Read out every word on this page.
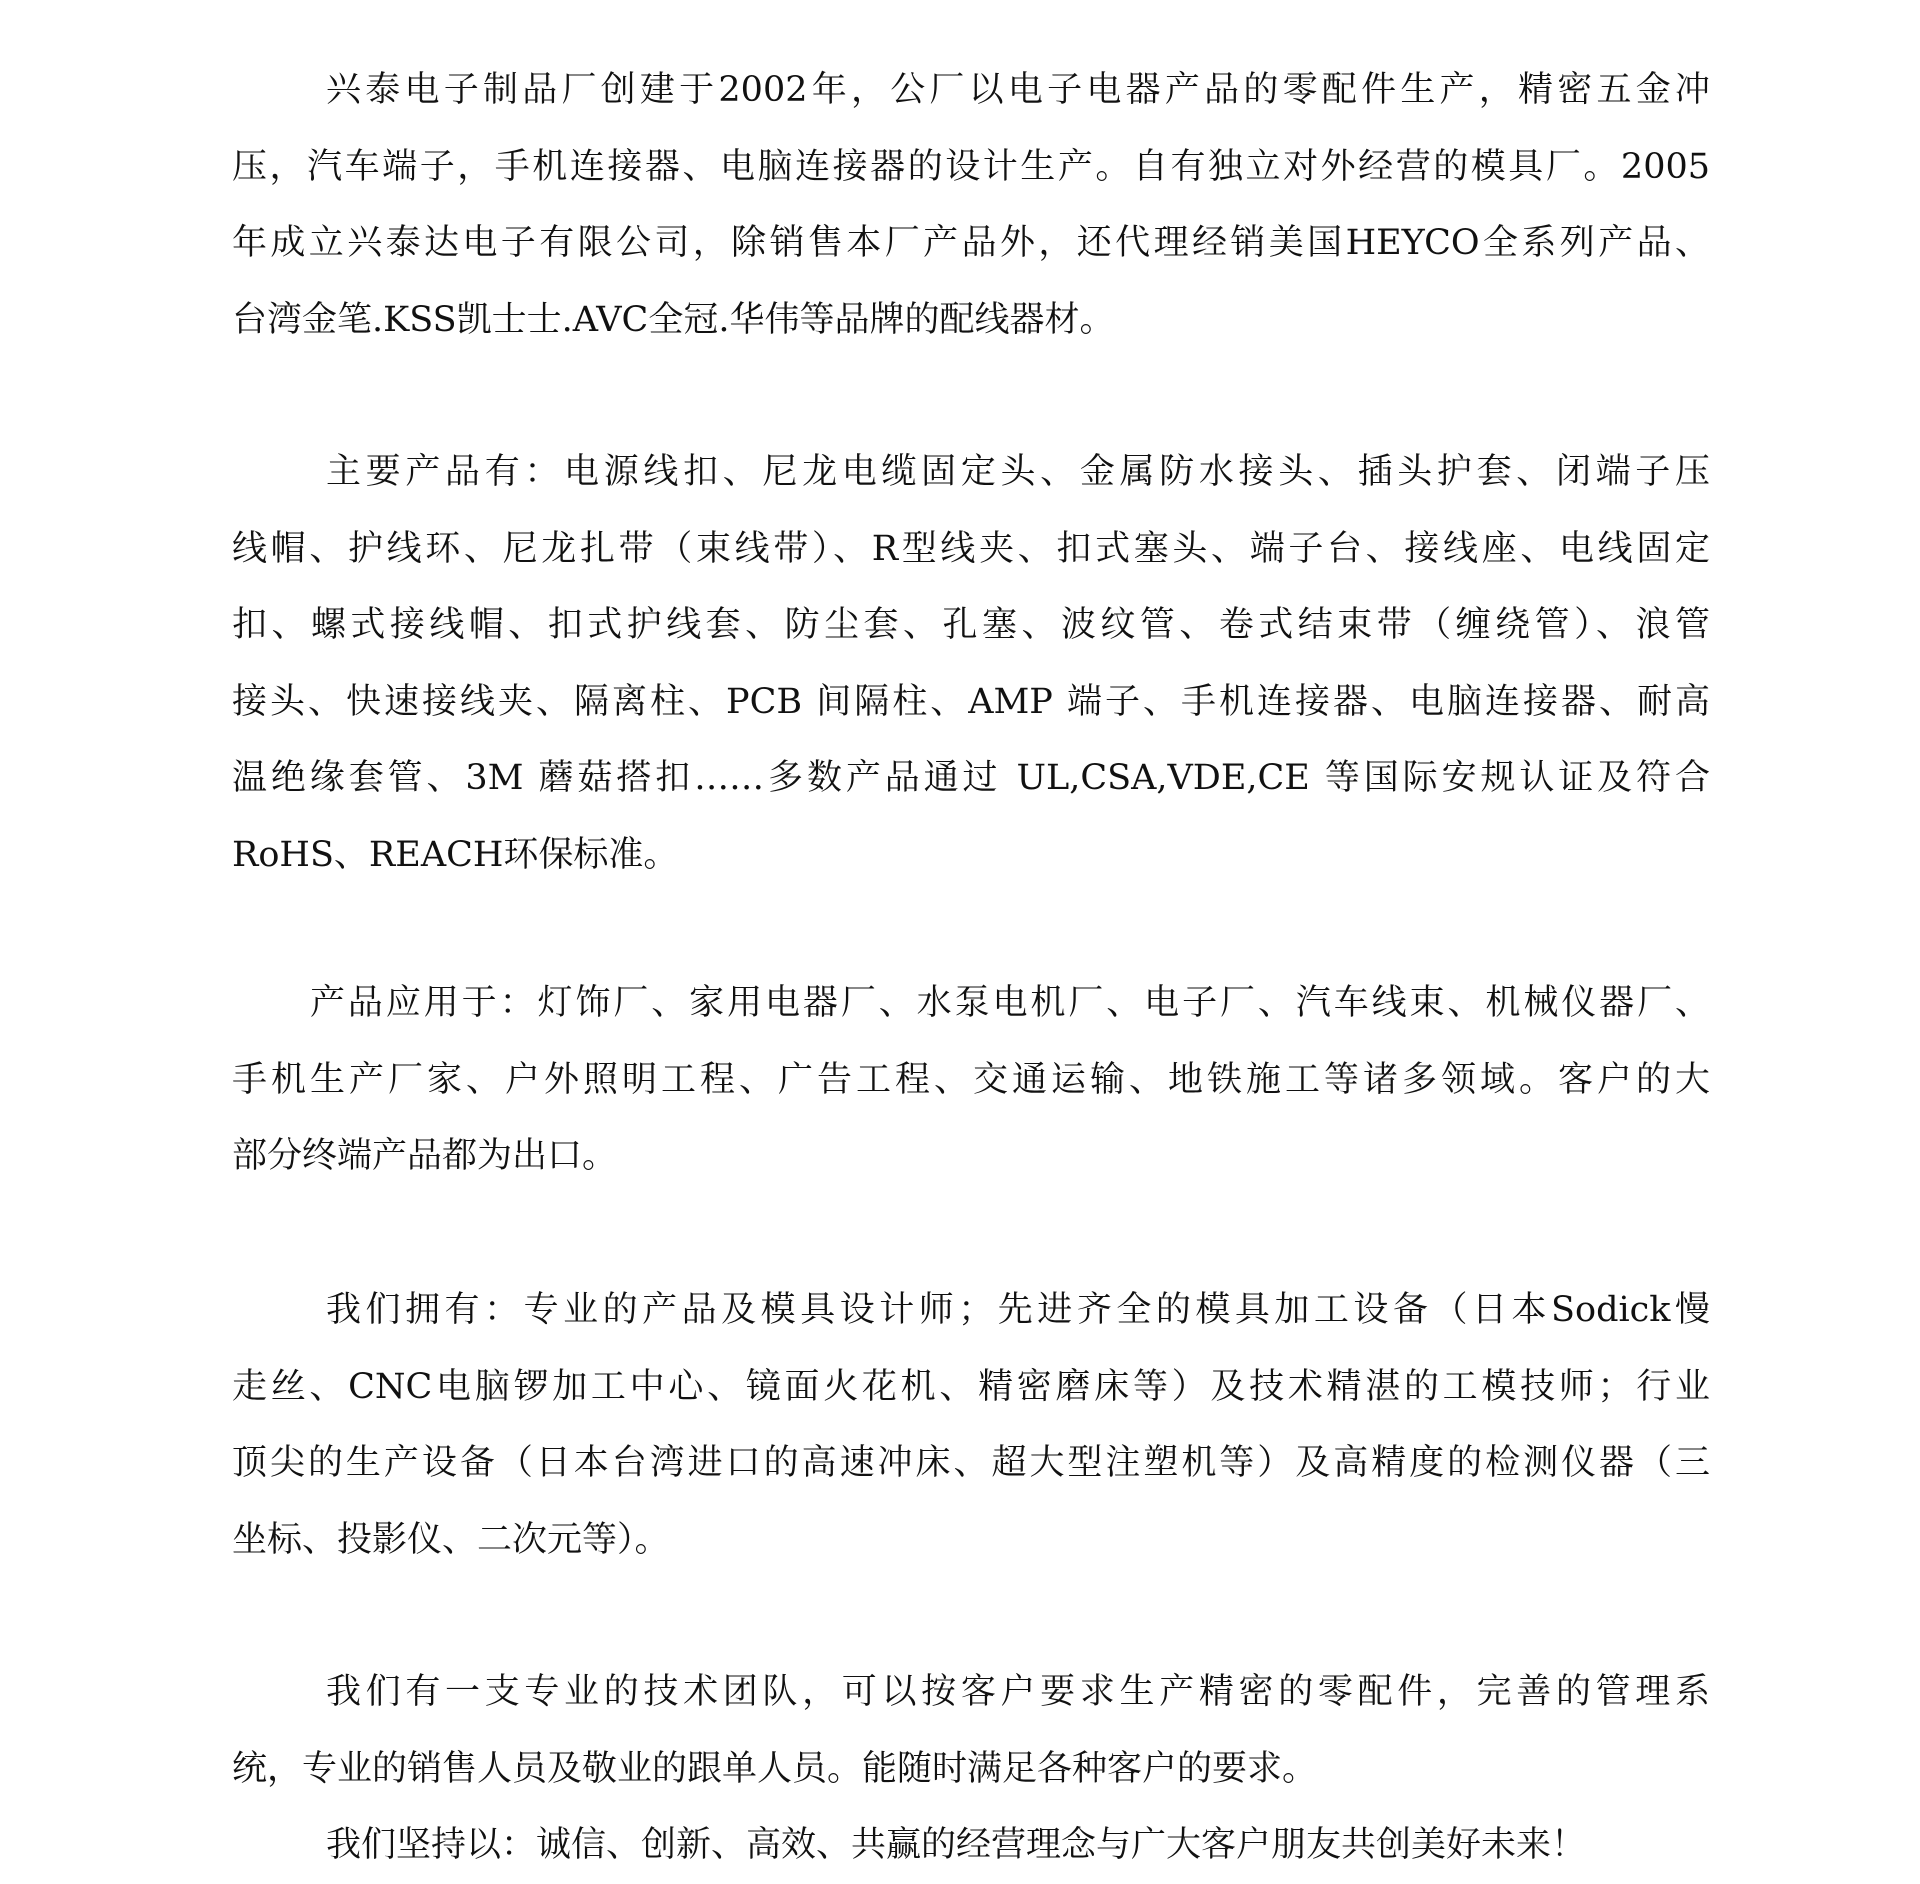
兴泰电子制品厂创建于2002年，公厂以电子电器产品的零配件生产，精密五金冲
压，汽车端子，手机连接器、电脑连接器的设计生产。自有独立对外经营的模具厂。2005
年成立兴泰达电子有限公司，除销售本厂产品外，还代理经销美国HEYCO全系列产品、
台湾金笔.KSS凯士士.AVC全冠.华伟等品牌的配线器材。
主要产品有：电源线扣、尼龙电缆固定头、金属防水接头、插头护套、闭端子压
线帽、护线环、尼龙扎带（束线带）、R型线夹、扣式塞头、端子台、接线座、电线固定
扣、螺式接线帽、扣式护线套、防尘套、孔塞、波纹管、卷式结束带（缠绕管）、浪管
接头、快速接线夹、隔离柱、PCB 间隔柱、AMP 端子、手机连接器、电脑连接器、耐高
温绝缘套管、3M 蘑菇搭扣……多数产品通过 UL,CSA,VDE,CE 等国际安规认证及符合
RoHS、REACH环保标准。
产品应用于：灯饰厂、家用电器厂、水泵电机厂、电子厂、汽车线束、机械仪器厂、
手机生产厂家、户外照明工程、广告工程、交通运输、地铁施工等诸多领域。客户的大
部分终端产品都为出口。
我们拥有：专业的产品及模具设计师；先进齐全的模具加工设备（日本Sodick慢
走丝、CNC电脑锣加工中心、镜面火花机、精密磨床等）及技术精湛的工模技师；行业
顶尖的生产设备（日本台湾进口的高速冲床、超大型注塑机等）及高精度的检测仪器（三
坐标、投影仪、二次元等）。
我们有一支专业的技术团队，可以按客户要求生产精密的零配件，完善的管理系
统，专业的销售人员及敬业的跟单人员。能随时满足各种客户的要求。
我们坚持以：诚信、创新、高效、共赢的经营理念与广大客户朋友共创美好未来！
